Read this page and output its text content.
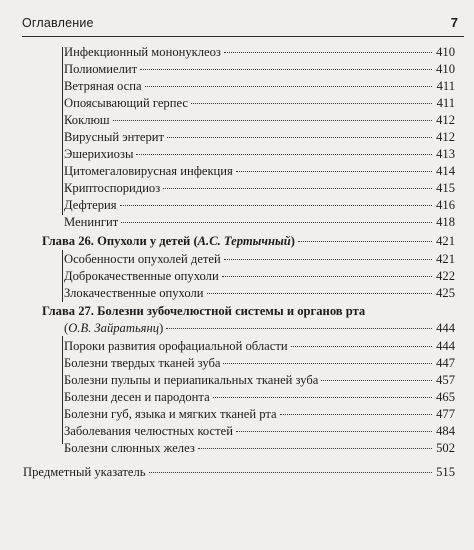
Оглавление	7
Инфекционный мононуклеоз	410
Полиомиелит	410
Ветряная оспа	411
Опоясывающий герпес	411
Коклюш	412
Вирусный энтерит	412
Эшерихиозы	413
Цитомегаловирусная инфекция	414
Криптоспоридиоз	415
Дефтерия	416
Менингит	418
Глава 26. Опухоли у детей (А.С. Тертычный)	421
Особенности опухолей детей	421
Доброкачественные опухоли	422
Злокачественные опухоли	425
Глава 27. Болезни зубочелюстной системы и органов рта
(О.В. Зайратьянц)	444
Пороки развития орофациальной области	444
Болезни твердых тканей зуба	447
Болезни пульпы и периапикальных тканей зуба	457
Болезни десен и пародонта	465
Болезни губ, языка и мягких тканей рта	477
Заболевания челюстных костей	484
Болезни слюнных желез	502
Предметный указатель	515
